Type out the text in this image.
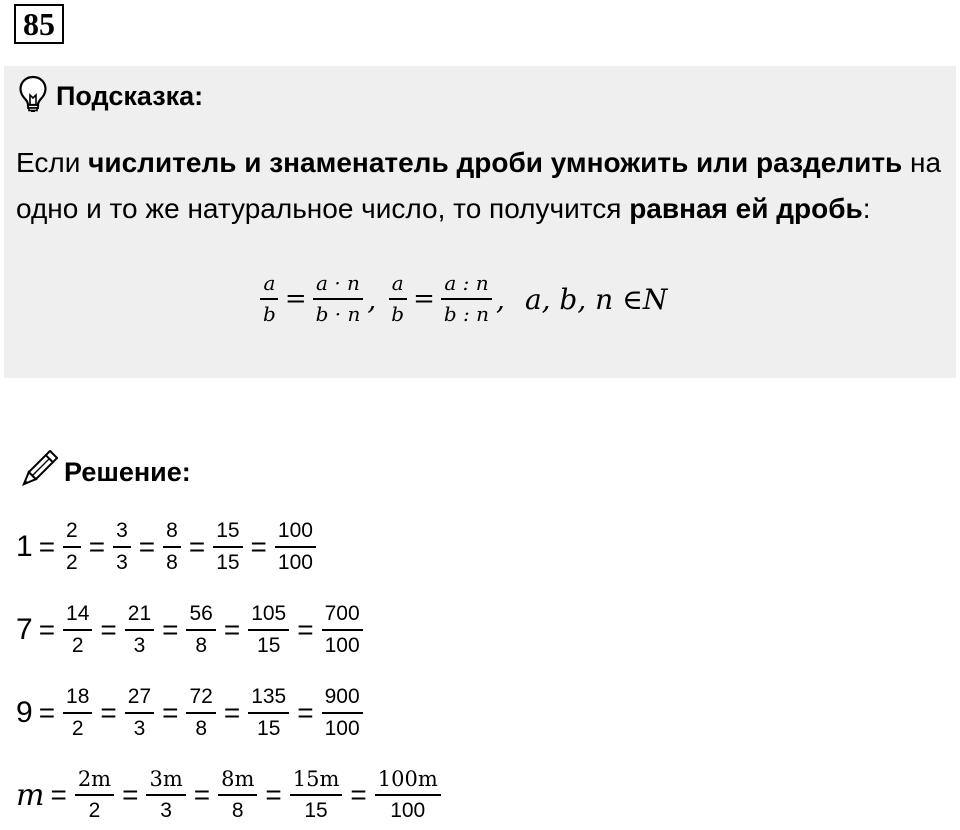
85
Подсказка:
Если числитель и знаменатель дроби умножить или разделить на одно и то же натуральное число, то получится равная ей дробь:
$\frac{a}{b} = \frac{a \cdot n}{b \cdot n}$ , $\frac{a}{b} = \frac{a : n}{b : n}$ , a, b, n ∈N
Решение:
$1 = \frac{2}{2} = \frac{3}{3} = \frac{8}{8} = \frac{15}{15} = \frac{100}{100}$
$7 = \frac{14}{2} = \frac{21}{3} = \frac{56}{8} = \frac{105}{15} = \frac{700}{100}$
$9 = \frac{18}{2} = \frac{27}{3} = \frac{72}{8} = \frac{135}{15} = \frac{900}{100}$
$m = \frac{2m}{2} = \frac{3m}{3} = \frac{8m}{8} = \frac{15m}{15} = \frac{100m}{100}$
